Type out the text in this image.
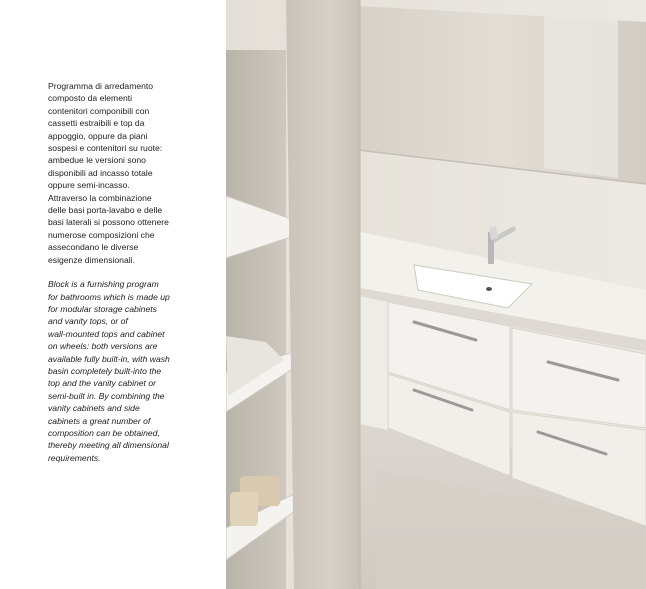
Programma di arredamento
composto da elementi
contenitori componibili con
cassetti estraibili e top da
appoggio, oppure da piani
sospesi e contenitori su ruote:
ambedue le versioni sono
disponibili ad incasso totale
oppure semi-incasso.
Attraverso la combinazione
delle basi porta-lavabo e delle
basi laterali si possono ottenere
numerose composizioni che
assecondano le diverse
esigenze dimensionali.

Block is a furnishing program
for bathrooms which is made up
for modular storage cabinets
and vanity tops, or of
wall-mounted tops and cabinet
on wheels: both versions are
available fully built-in, with wash
basin completely built-into the
top and the vanity cabinet or
semi-built in. By combining the
vanity cabinets and side
cabinets a great number of
composition can be obtained,
thereby meeting all dimensional
requirements.
